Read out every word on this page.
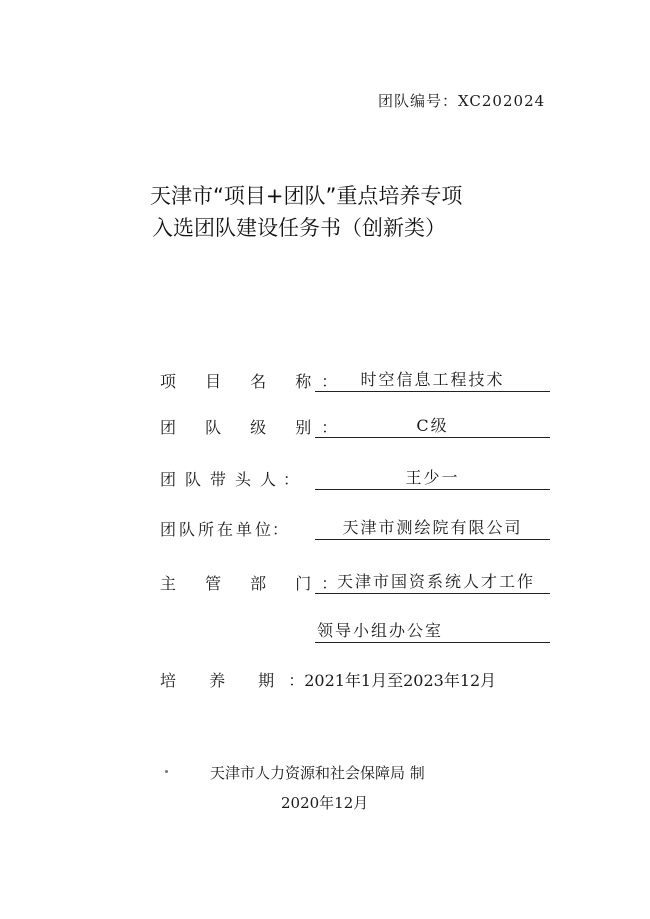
团队编号：XC202024
天津市“项目+团队”重点培养专项
入选团队建设任务书（创新类）
项 目 名 称
：	时空信息工程技术
团 队 级 别
：	C级
团队带头人
：	王少一
团队所在单位
：	天津市测绘院有限公司
主 管 部 门
： 天津市国资系统人才工作
领导小组办公室
培 养 期：2021年1月至2023年12月
天津市人力资源和社会保障局 制
2020年12月
